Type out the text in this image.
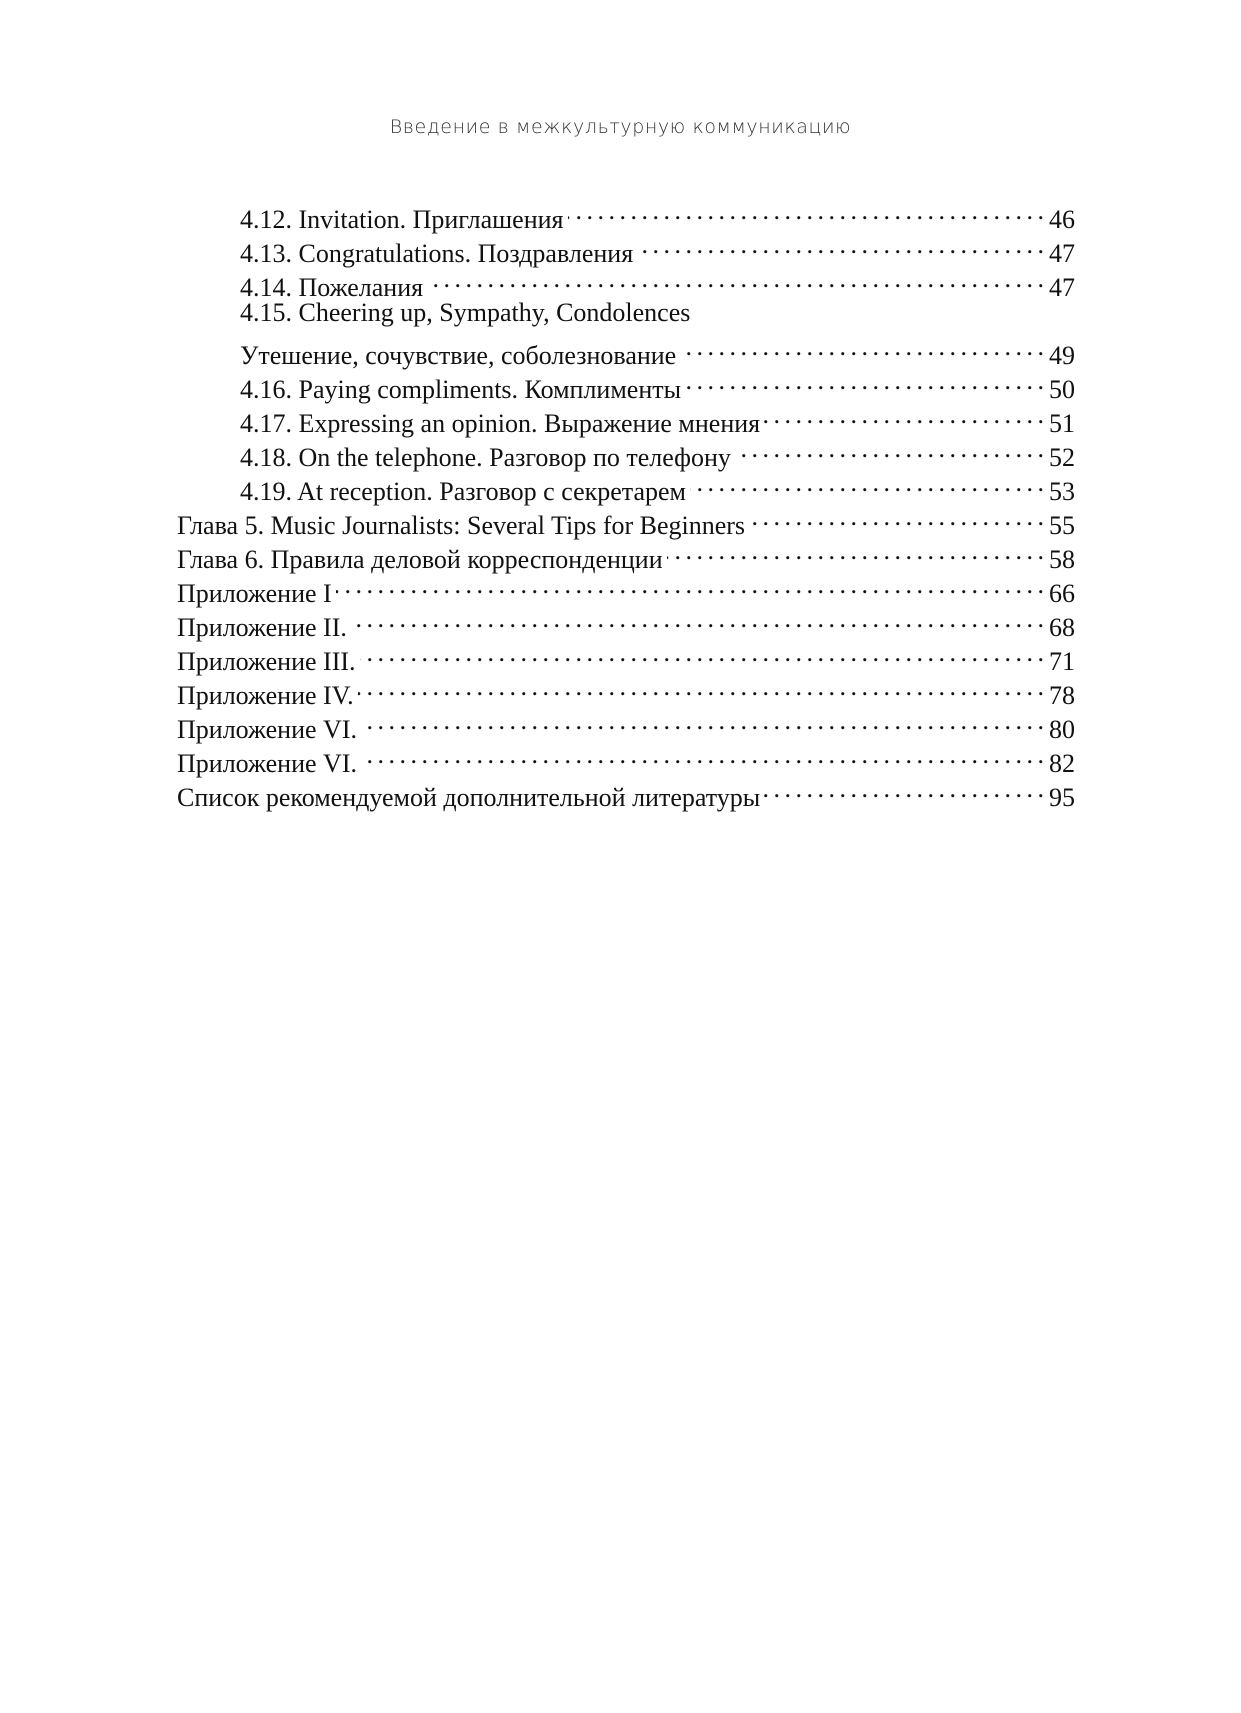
Введение в межкультурную коммуникацию
4.12. Invitation. Приглашения . . .	46
4.13. Congratulations. Поздравления . . .	47
4.14. Пожелания . . .	47
4.15. Cheering up, Sympathy, Condolences
Утешение, сочувствие, соболезнование . . .	49
4.16. Paying compliments. Комплименты . . .	50
4.17. Expressing an opinion. Выражение мнения . . .	51
4.18. On the telephone. Разговор по телефону . . .	52
4.19. At reception. Разговор с секретарем . . .	53
Глава 5. Music Journalists: Several Tips for Beginners . . .	55
Глава 6. Правила деловой корреспонденции . . .	58
Приложение I . . .	66
Приложение II. . . .	68
Приложение III. . . .	71
Приложение IV. . . .	78
Приложение VI. . . .	80
Приложение VI. . . .	82
Список рекомендуемой дополнительной литературы . . .	95
